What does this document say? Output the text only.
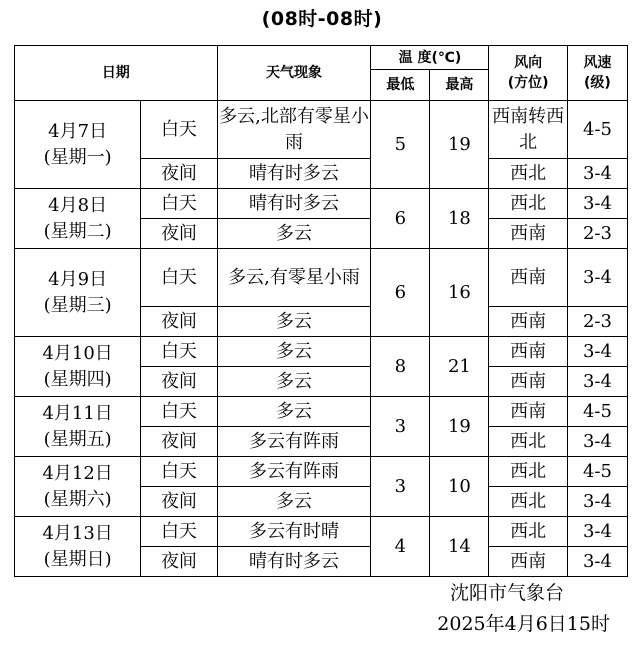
(08时-08时)
日期		天气现象	温 度(℃)		风向
(方位)	风速
(级)
			最低	最高		

4月7日
(星期一)	白天	多云,北部有零星小雨	5	19	西南转西北	4-5
	夜间	晴有时多云			西北	3-4

4月8日
(星期二)	白天	晴有时多云	6	18	西北	3-4
	夜间	多云			西南	2-3

4月9日
(星期三)	白天	多云,有零星小雨	6	16	西南	3-4
	夜间	多云			西南	2-3

4月10日
(星期四)	白天	多云	8	21	西南	3-4
	夜间	多云			西南	3-4

4月11日
(星期五)	白天	多云	3	19	西南	4-5
	夜间	多云有阵雨			西北	3-4

4月12日
(星期六)	白天	多云有阵雨	3	10	西北	4-5
	夜间	多云			西北	3-4

4月13日
(星期日)	白天	多云有时晴	4	14	西北	3-4
	夜间	晴有时多云			西南	3-4
沈阳市气象台
2025年4月6日15时
